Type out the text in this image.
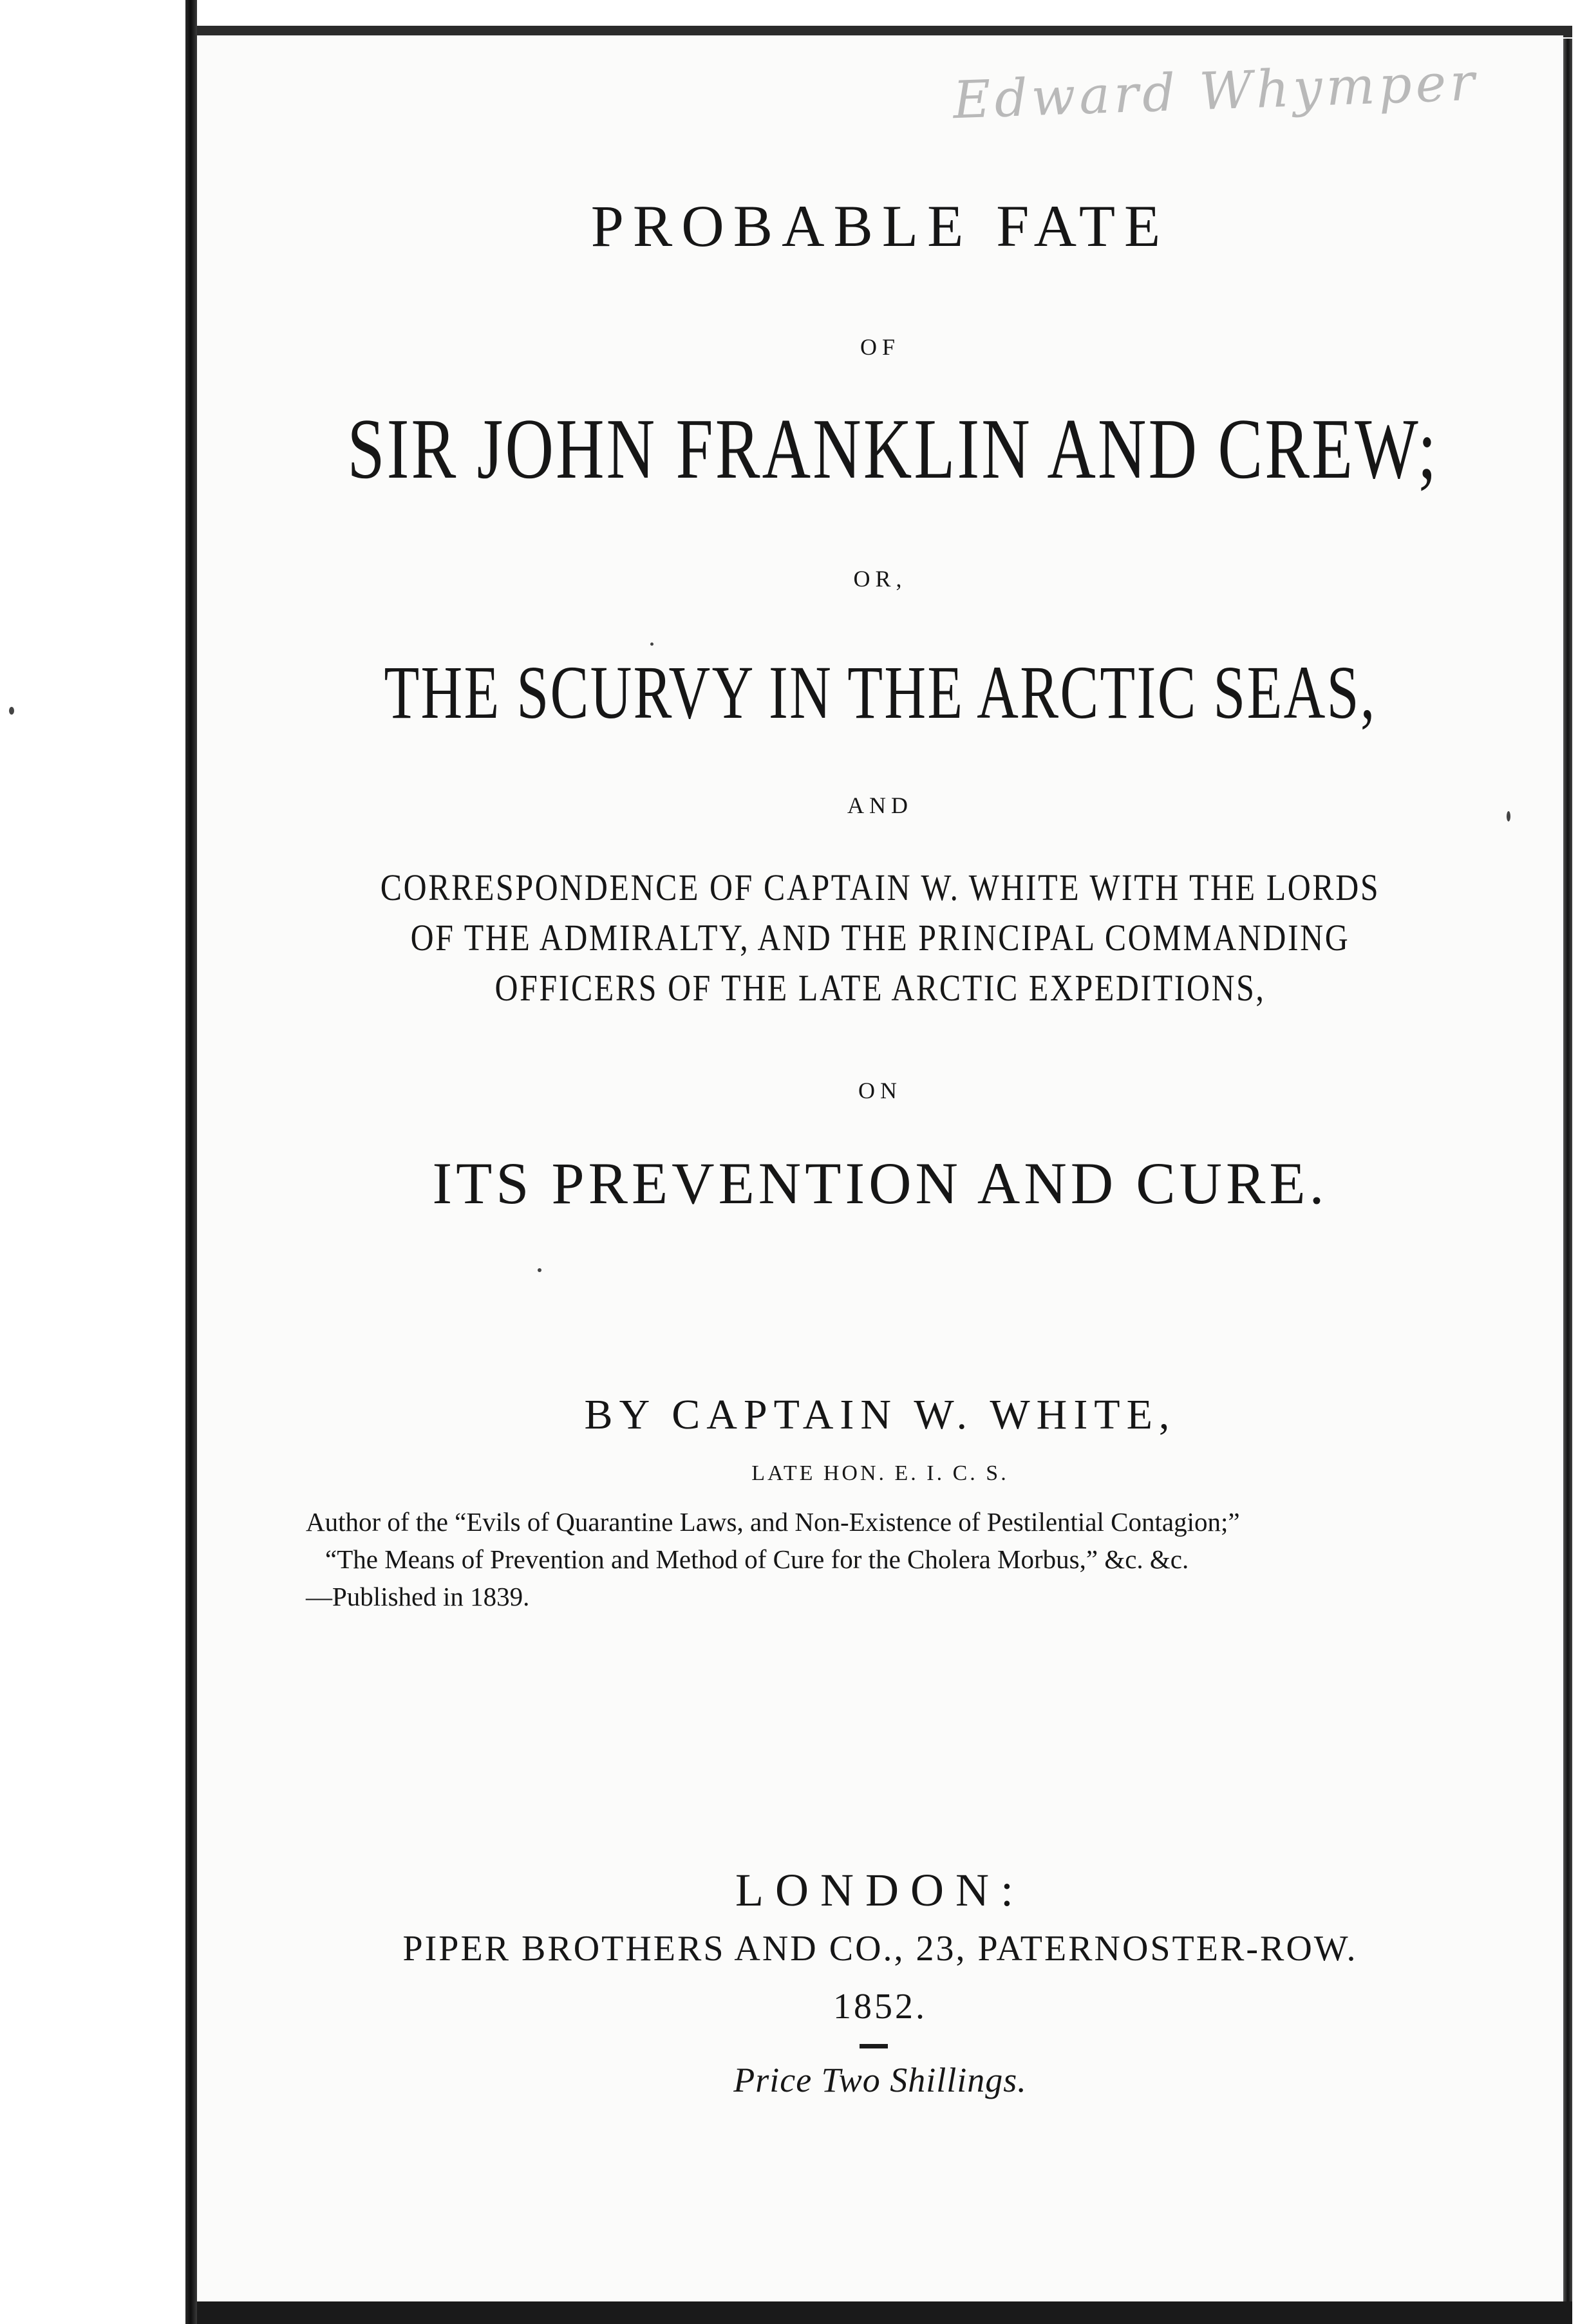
Edward Whymper
PROBABLE FATE
OF
SIR JOHN FRANKLIN AND CREW;
OR,
THE SCURVY IN THE ARCTIC SEAS,
AND
CORRESPONDENCE OF CAPTAIN W. WHITE WITH THE LORDS
OF THE ADMIRALTY, AND THE PRINCIPAL COMMANDING
OFFICERS OF THE LATE ARCTIC EXPEDITIONS,
ON
ITS PREVENTION AND CURE.
BY CAPTAIN W. WHITE,
LATE HON. E. I. C. S.
Author of the “Evils of Quarantine Laws, and Non-Existence of Pestilential Contagion;”
“The Means of Prevention and Method of Cure for the Cholera Morbus,” &c. &c.
—Published in 1839.
LONDON:
PIPER BROTHERS AND CO., 23, PATERNOSTER-ROW.
1852.
Price Two Shillings.
